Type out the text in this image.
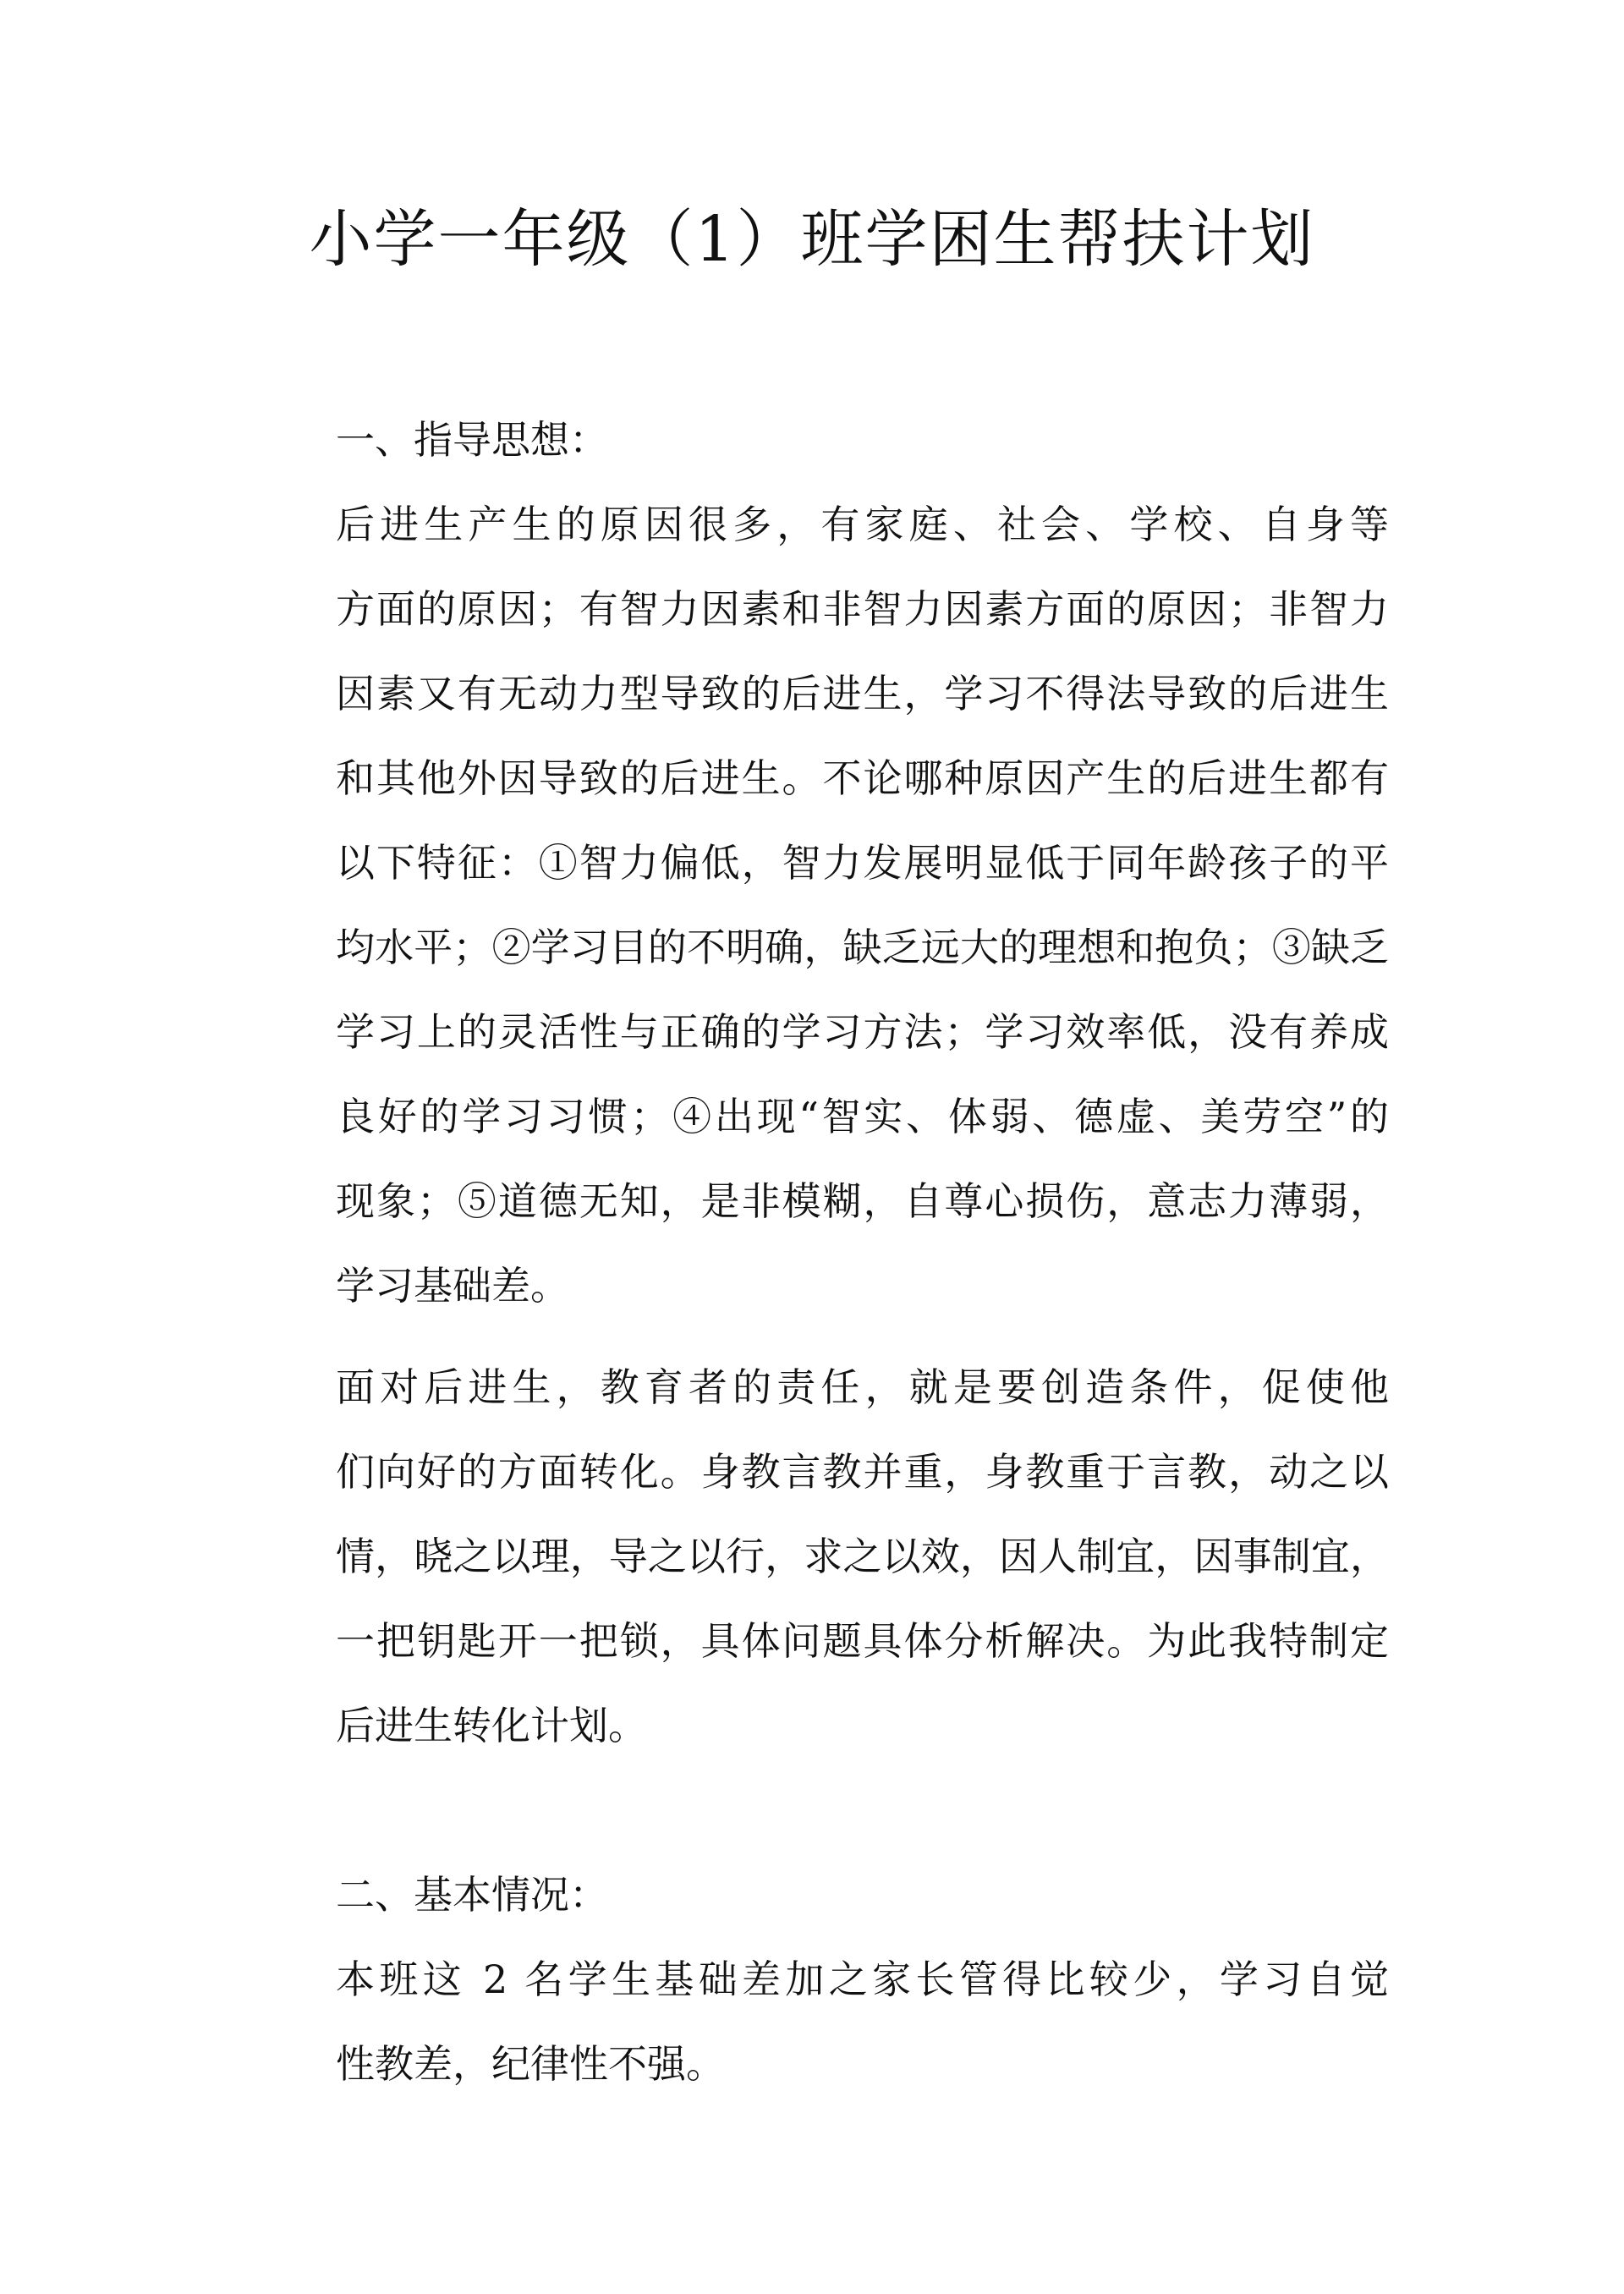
小学一年级（1）班学困生帮扶计划
一、指导思想：

后进生产生的原因很多，有家庭、社会、学校、自身等
方面的原因；有智力因素和非智力因素方面的原因；非智力
因素又有无动力型导致的后进生，学习不得法导致的后进生
和其他外因导致的后进生。不论哪种原因产生的后进生都有
以下特征：①智力偏低，智力发展明显低于同年龄孩子的平
均水平；②学习目的不明确，缺乏远大的理想和抱负；③缺乏
学习上的灵活性与正确的学习方法；学习效率低，没有养成
良好的学习习惯；④出现“智实、体弱、德虚、美劳空”的
现象；⑤道德无知，是非模糊，自尊心损伤，意志力薄弱，
学习基础差。

面对后进生，教育者的责任，就是要创造条件，促使他
们向好的方面转化。身教言教并重，身教重于言教，动之以
情，晓之以理，导之以行，求之以效，因人制宜，因事制宜，
一把钥匙开一把锁，具体问题具体分析解决。为此我特制定
后进生转化计划。

二、基本情况：

本班这 2 名学生基础差加之家长管得比较少，学习自觉
性教差，纪律性不强。
